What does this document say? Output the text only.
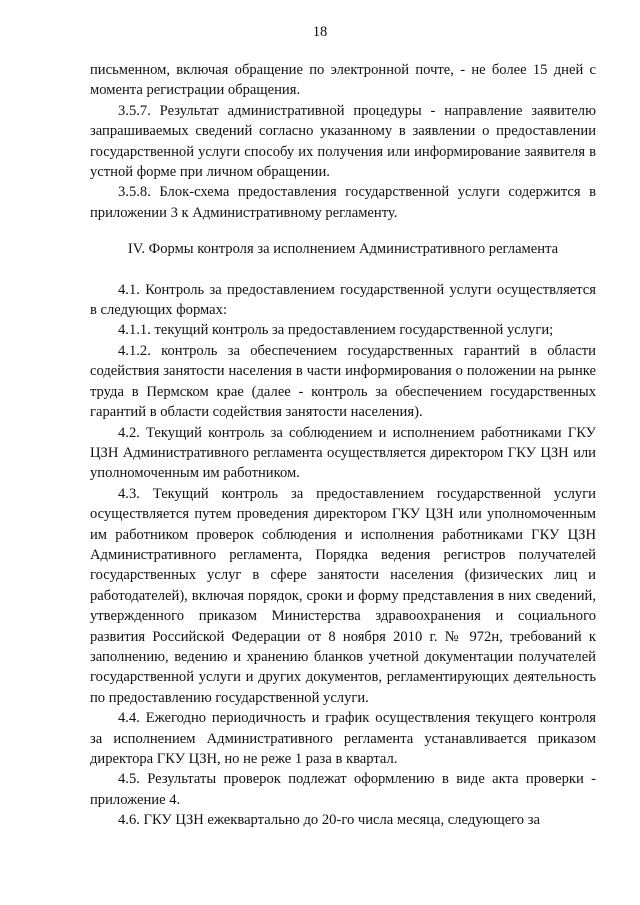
18

письменном, включая обращение по электронной почте, - не более 15 дней с момента регистрации обращения.

3.5.7. Результат административной процедуры - направление заявителю запрашиваемых сведений согласно указанному в заявлении о предоставлении государственной услуги способу их получения или информирование заявителя в устной форме при личном обращении.

3.5.8. Блок-схема предоставления государственной услуги содержится в приложении 3 к Административному регламенту.

IV. Формы контроля за исполнением Административного регламента

4.1. Контроль за предоставлением государственной услуги осуществляется в следующих формах:

4.1.1. текущий контроль за предоставлением государственной услуги;

4.1.2. контроль за обеспечением государственных гарантий в области содействия занятости населения в части информирования о положении на рынке труда в Пермском крае (далее - контроль за обеспечением государственных гарантий в области содействия занятости населения).

4.2. Текущий контроль за соблюдением и исполнением работниками ГКУ ЦЗН Административного регламента осуществляется директором ГКУ ЦЗН или уполномоченным им работником.

4.3. Текущий контроль за предоставлением государственной услуги осуществляется путем проведения директором ГКУ ЦЗН или уполномоченным им работником проверок соблюдения и исполнения работниками ГКУ ЦЗН Административного регламента, Порядка ведения регистров получателей государственных услуг в сфере занятости населения (физических лиц и работодателей), включая порядок, сроки и форму представления в них сведений, утвержденного приказом Министерства здравоохранения и социального развития Российской Федерации от 8 ноября 2010 г. № 972н, требований к заполнению, ведению и хранению бланков учетной документации получателей государственной услуги и других документов, регламентирующих деятельность по предоставлению государственной услуги.

4.4. Ежегодно периодичность и график осуществления текущего контроля за исполнением Административного регламента устанавливается приказом директора ГКУ ЦЗН, но не реже 1 раза в квартал.

4.5. Результаты проверок подлежат оформлению в виде акта проверки - приложение 4.

4.6. ГКУ ЦЗН ежеквартально до 20-го числа месяца, следующего за
